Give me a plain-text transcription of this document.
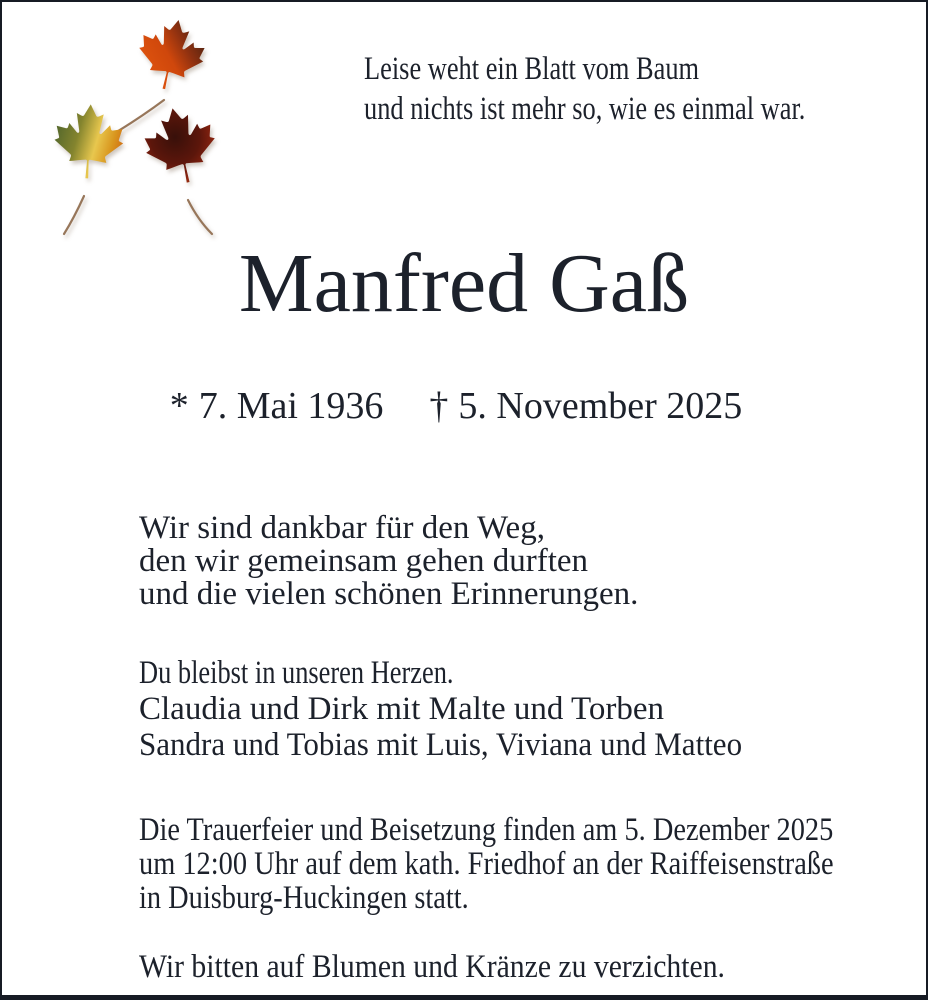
Leise weht ein Blatt vom Baum
und nichts ist mehr so, wie es einmal war.
Manfred Gaß
* 7. Mai 1936 † 5. November 2025
Wir sind dankbar für den Weg,
den wir gemeinsam gehen durften
und die vielen schönen Erinnerungen.
Du bleibst in unseren Herzen.
Claudia und Dirk mit Malte und Torben
Sandra und Tobias mit Luis, Viviana und Matteo
Die Trauerfeier und Beisetzung finden am 5. Dezember 2025
um 12:00 Uhr auf dem kath. Friedhof an der Raiffeisenstraße
in Duisburg-Huckingen statt.
Wir bitten auf Blumen und Kränze zu verzichten.
